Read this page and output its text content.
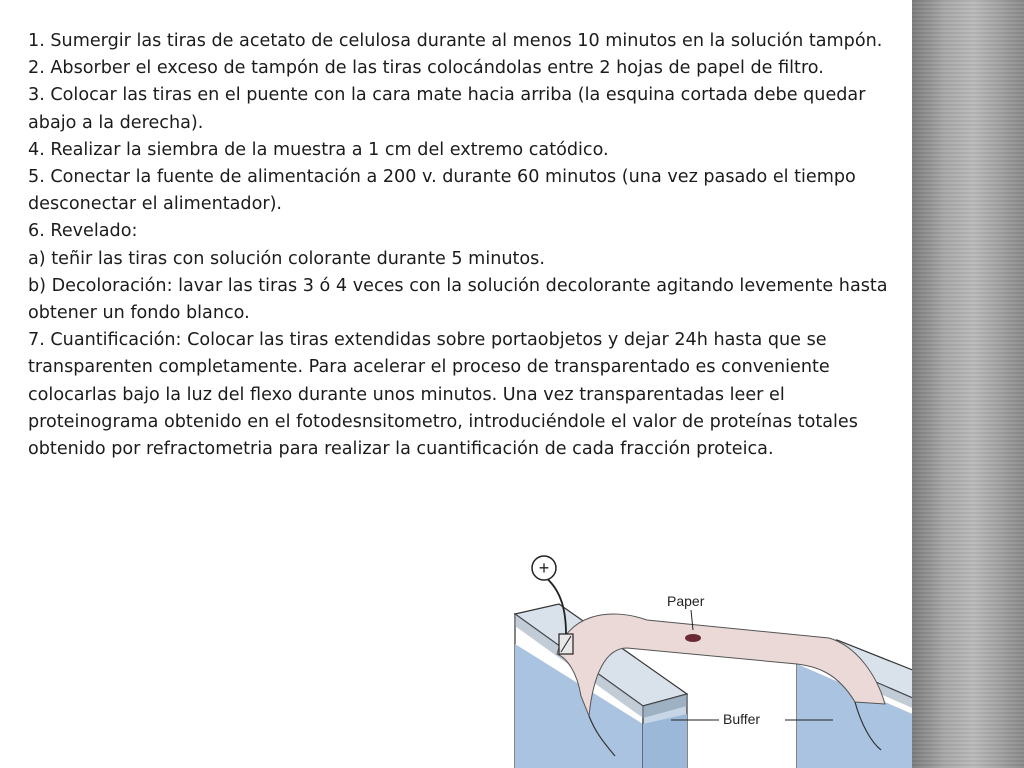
1. Sumergir las tiras de acetato de celulosa durante al menos 10 minutos en la solución tampón.

2. Absorber el exceso de tampón de las tiras colocándolas entre 2 hojas de papel de filtro.

3. Colocar las tiras en el puente con la cara mate hacia arriba (la esquina cortada debe quedar abajo a la derecha).

4. Realizar la siembra de la muestra a 1 cm del extremo catódico.

5. Conectar la fuente de alimentación a 200 v. durante 60 minutos (una vez pasado el tiempo desconectar el alimentador).

6. Revelado:

a) teñir las tiras con solución colorante durante 5 minutos.

b) Decoloración: lavar las tiras 3 ó 4 veces con la solución decolorante agitando levemente hasta obtener un fondo blanco.

7. Cuantificación: Colocar las tiras extendidas sobre portaobjetos y dejar 24h hasta que se transparenten completamente. Para acelerar el proceso de transparentado es conveniente colocarlas bajo la luz del flexo durante unos minutos. Una vez transparentadas leer el proteinograma obtenido en el fotodesnsitometro, introduciéndole el valor de proteínas totales obtenido por refractometria para realizar la cuantificación de cada fracción proteica.

+
Paper
Buffer
